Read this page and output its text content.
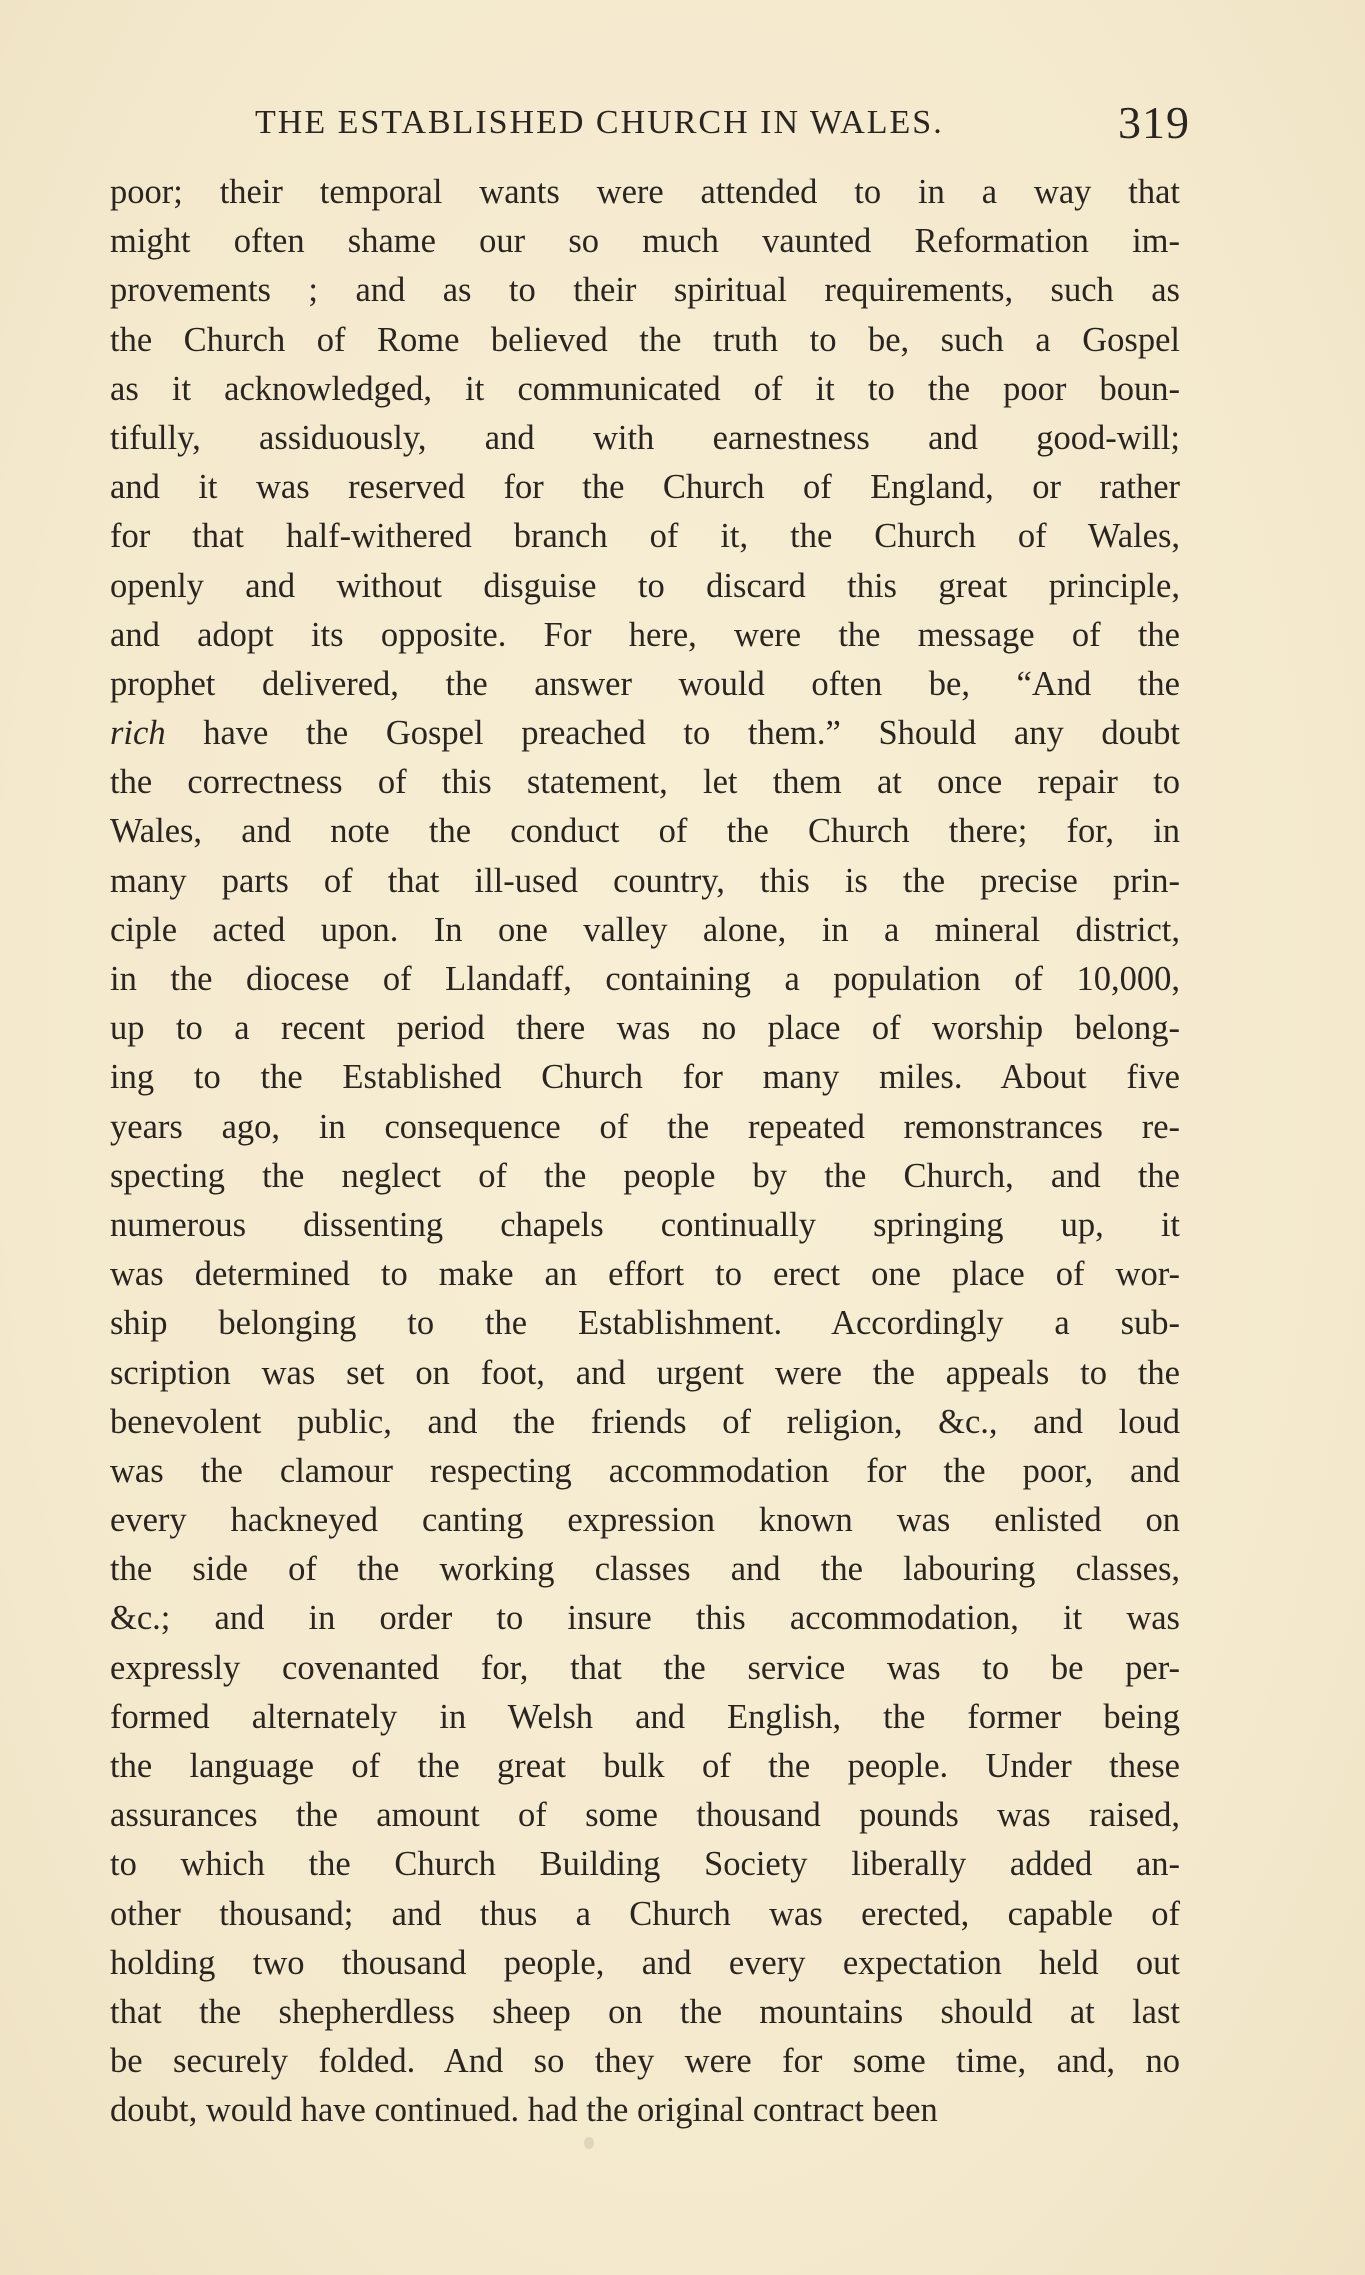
THE ESTABLISHED CHURCH IN WALES.	319
poor; their temporal wants were attended to in a way that
might often shame our so much vaunted Reformation im-
provements ; and as to their spiritual requirements, such as
the Church of Rome believed the truth to be, such a Gospel
as it acknowledged, it communicated of it to the poor boun-
tifully, assiduously, and with earnestness and good-will;
and it was reserved for the Church of England, or rather
for that half-withered branch of it, the Church of Wales,
openly and without disguise to discard this great principle,
and adopt its opposite. For here, were the message of the
prophet delivered, the answer would often be, “And the
rich have the Gospel preached to them.” Should any doubt
the correctness of this statement, let them at once repair to
Wales, and note the conduct of the Church there; for, in
many parts of that ill-used country, this is the precise prin-
ciple acted upon. In one valley alone, in a mineral district,
in the diocese of Llandaff, containing a population of 10,000,
up to a recent period there was no place of worship belong-
ing to the Established Church for many miles. About five
years ago, in consequence of the repeated remonstrances re-
specting the neglect of the people by the Church, and the
numerous dissenting chapels continually springing up, it
was determined to make an effort to erect one place of wor-
ship belonging to the Establishment. Accordingly a sub-
scription was set on foot, and urgent were the appeals to the
benevolent public, and the friends of religion, &c., and loud
was the clamour respecting accommodation for the poor, and
every hackneyed canting expression known was enlisted on
the side of the working classes and the labouring classes,
&c.; and in order to insure this accommodation, it was
expressly covenanted for, that the service was to be per-
formed alternately in Welsh and English, the former being
the language of the great bulk of the people. Under these
assurances the amount of some thousand pounds was raised,
to which the Church Building Society liberally added an-
other thousand; and thus a Church was erected, capable of
holding two thousand people, and every expectation held out
that the shepherdless sheep on the mountains should at last
be securely folded. And so they were for some time, and, no
doubt, would have continued. had the original contract been
